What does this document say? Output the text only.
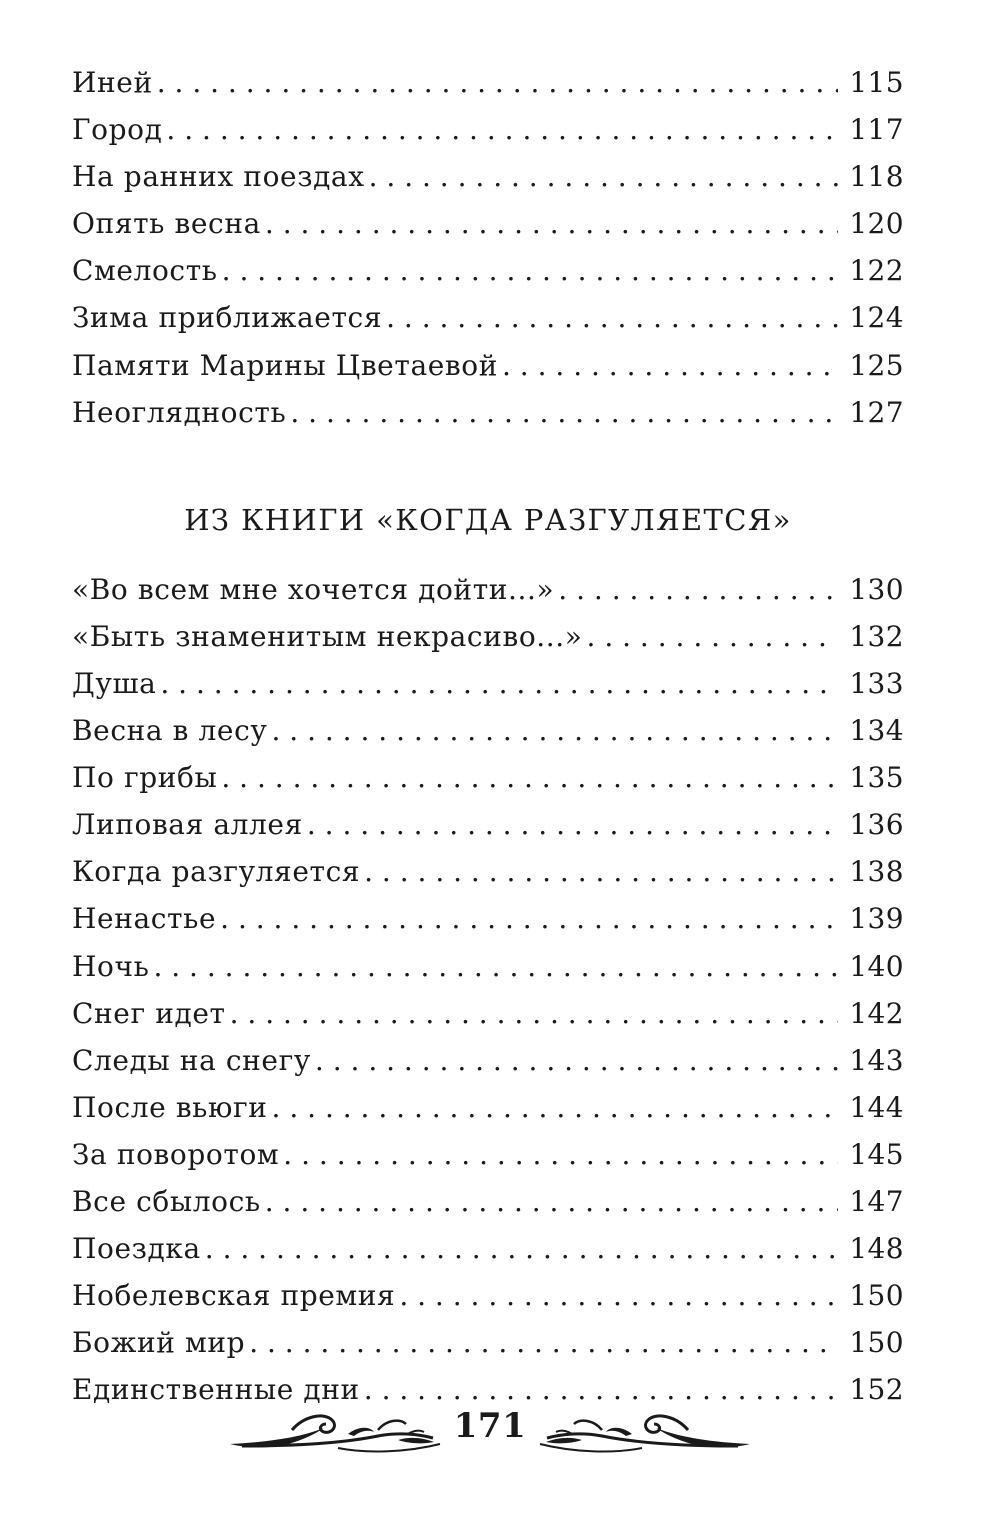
Иней . . .	115
Город . . .	117
На ранних поездах . . .	118
Опять весна . . .	120
Смелость . . .	122
Зима приближается . . .	124
Памяти Марины Цветаевой . . .	125
Неоглядность . . .	127
ИЗ КНИГИ «КОГДА РАЗГУЛЯЕТСЯ»
«Во всем мне хочется дойти...» . . .	130
«Быть знаменитым некрасиво...» . . .	132
Душа . . .	133
Весна в лесу . . .	134
По грибы . . .	135
Липовая аллея . . .	136
Когда разгуляется . . .	138
Ненастье . . .	139
Ночь . . .	140
Снег идет . . .	142
Следы на снегу . . .	143
После вьюги . . .	144
За поворотом . . .	145
Все сбылось . . .	147
Поездка . . .	148
Нобелевская премия . . .	150
Божий мир . . .	150
Единственные дни . . .	152
171
